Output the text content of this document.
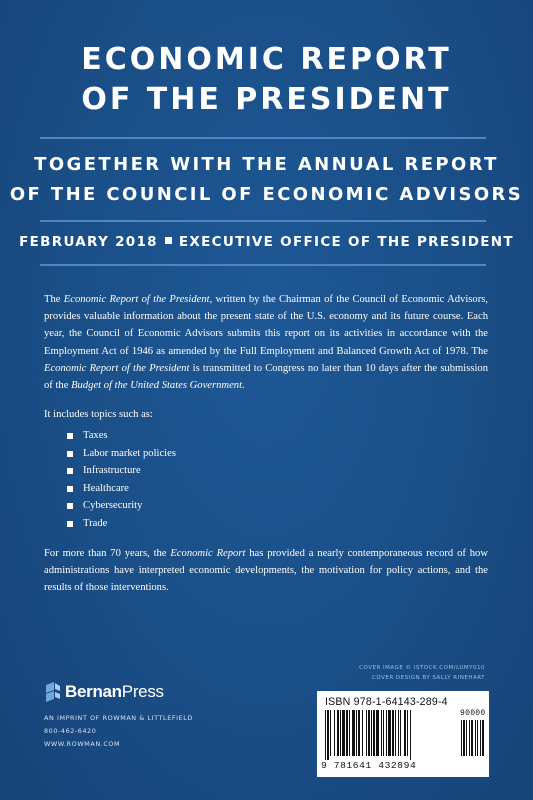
ECONOMIC REPORT
OF THE PRESIDENT
TOGETHER WITH THE ANNUAL REPORT
OF THE COUNCIL OF ECONOMIC ADVISORS
FEBRUARY 2018 EXECUTIVE OFFICE OF THE PRESIDENT

The Economic Report of the President, written by the Chairman of the Council of Economic Advisors, provides valuable information about the present state of the U.S. economy and its future course. Each year, the Council of Economic Advisors submits this report on its activities in accordance with the Employment Act of 1946 as amended by the Full Employment and Balanced Growth Act of 1978. The Economic Report of the President is transmitted to Congress no later than 10 days after the submission of the Budget of the United States Government.

It includes topics such as:
Taxes
Labor market policies
Infrastructure
Healthcare
Cybersecurity
Trade

For more than 70 years, the Economic Report has provided a nearly contemporaneous record of how administrations have interpreted economic developments, the motivation for policy actions, and the results of those interventions.

COVER IMAGE © ISTOCK.COM/LUMY010
COVER DESIGN BY SALLY RINEHART
BernanPress
AN IMPRINT OF ROWMAN & LITTLEFIELD
800-462-6420
WWW.ROWMAN.COM
ISBN 978-1-64143-289-4
90000
9 781641 432894
